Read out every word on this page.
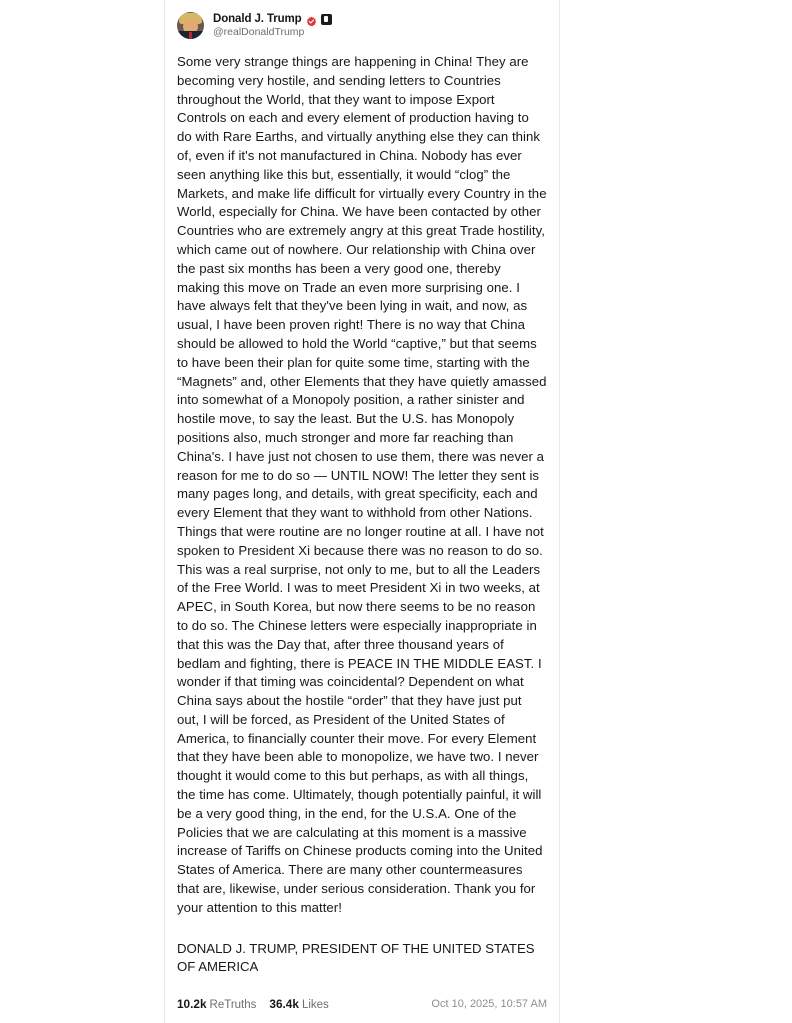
Donald J. Trump
@realDonaldTrump
Some very strange things are happening in China! They are becoming very hostile, and sending letters to Countries throughout the World, that they want to impose Export Controls on each and every element of production having to do with Rare Earths, and virtually anything else they can think of, even if it's not manufactured in China. Nobody has ever seen anything like this but, essentially, it would “clog” the Markets, and make life difficult for virtually every Country in the World, especially for China. We have been contacted by other Countries who are extremely angry at this great Trade hostility, which came out of nowhere. Our relationship with China over the past six months has been a very good one, thereby making this move on Trade an even more surprising one. I have always felt that they've been lying in wait, and now, as usual, I have been proven right! There is no way that China should be allowed to hold the World “captive,” but that seems to have been their plan for quite some time, starting with the “Magnets” and, other Elements that they have quietly amassed into somewhat of a Monopoly position, a rather sinister and hostile move, to say the least. But the U.S. has Monopoly positions also, much stronger and more far reaching than China's. I have just not chosen to use them, there was never a reason for me to do so — UNTIL NOW! The letter they sent is many pages long, and details, with great specificity, each and every Element that they want to withhold from other Nations. Things that were routine are no longer routine at all. I have not spoken to President Xi because there was no reason to do so. This was a real surprise, not only to me, but to all the Leaders of the Free World. I was to meet President Xi in two weeks, at APEC, in South Korea, but now there seems to be no reason to do so. The Chinese letters were especially inappropriate in that this was the Day that, after three thousand years of bedlam and fighting, there is PEACE IN THE MIDDLE EAST. I wonder if that timing was coincidental? Dependent on what China says about the hostile “order” that they have just put out, I will be forced, as President of the United States of America, to financially counter their move. For every Element that they have been able to monopolize, we have two. I never thought it would come to this but perhaps, as with all things, the time has come. Ultimately, though potentially painful, it will be a very good thing, in the end, for the U.S.A. One of the Policies that we are calculating at this moment is a massive increase of Tariffs on Chinese products coming into the United States of America. There are many other countermeasures that are, likewise, under serious consideration. Thank you for your attention to this matter!
DONALD J. TRUMP, PRESIDENT OF THE UNITED STATES OF AMERICA
10.2k ReTruths 36.4k Likes	Oct 10, 2025, 10:57 AM
